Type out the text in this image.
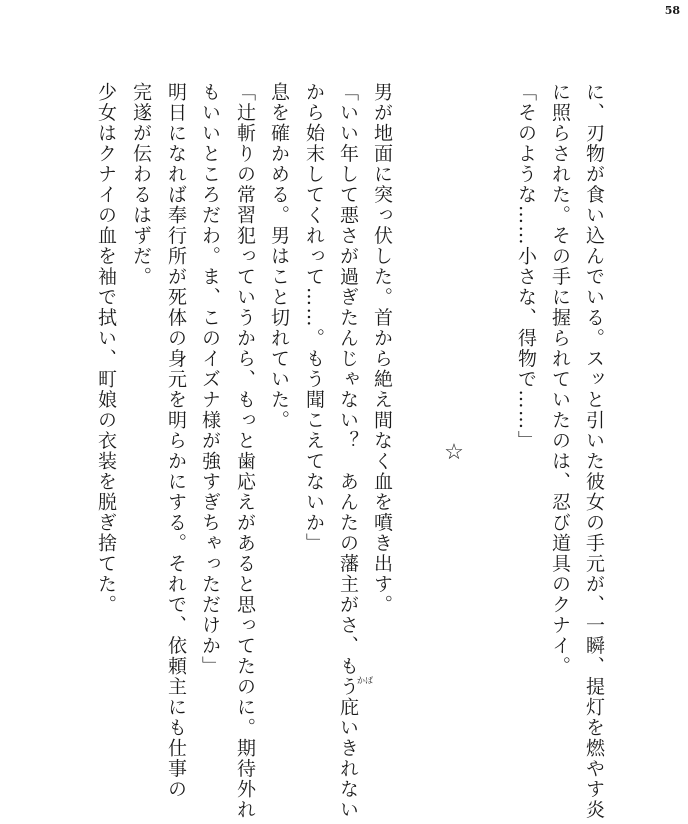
58
に、刃物が食い込んでいる。スッと引いた彼女の手元が、一瞬、提灯を燃やす炎
に照らされた。その手に握られていたのは、忍び道具のクナイ。
「そのような……小さな、得物で……」
☆
男が地面に突っ伏した。首から絶え間なく血を噴き出す。
「いい年して悪さが過ぎたんじゃない？　あんたの藩主がさ、もう庇いきれない
から始末してくれって……。もう聞こえてないか」
息を確かめる。男はこと切れていた。
「辻斬りの常習犯っていうから、もっと歯応えがあると思ってたのに。期待外れ
もいいところだわ。ま、このイズナ様が強すぎちゃっただけか」
明日になれば奉行所が死体の身元を明らかにする。それで、依頼主にも仕事の
完遂が伝わるはずだ。
少女はクナイの血を袖で拭い、町娘の衣装を脱ぎ捨てた。
かば
